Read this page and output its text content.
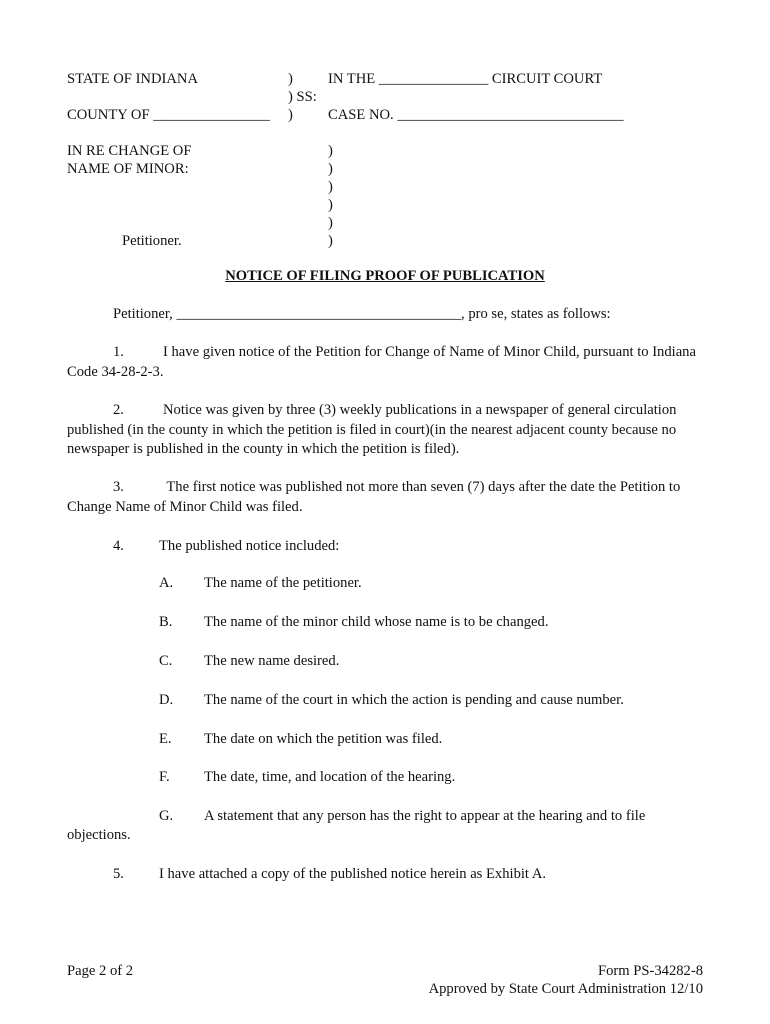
STATE OF INDIANA	) IN THE _______________ CIRCUIT COURT
) SS:
COUNTY OF ________________ ) CASE NO. _______________________________
IN RE CHANGE OF
NAME OF MINOR:
)
)
)
)
)
)
Petitioner.
NOTICE OF FILING PROOF OF PUBLICATION
Petitioner, _______________________________________, pro se, states as follows:
1.	I have given notice of the Petition for Change of Name of Minor Child, pursuant to Indiana Code 34-28-2-3.
2.	Notice was given by three (3) weekly publications in a newspaper of general circulation published (in the county in which the petition is filed in court)(in the nearest adjacent county because no newspaper is published in the county in which the petition is filed).
3.	The first notice was published not more than seven (7) days after the date the Petition to Change Name of Minor Child was filed.
4. The published notice included:
A. The name of the petitioner.
B. The name of the minor child whose name is to be changed.
C. The new name desired.
D. The name of the court in which the action is pending and cause number.
E. The date on which the petition was filed.
F. The date, time, and location of the hearing.
G. A statement that any person has the right to appear at the hearing and to file
objections.
5. I have attached a copy of the published notice herein as Exhibit A.
Page 2 of 2	Form PS-34282-8
Approved by State Court Administration 12/10
